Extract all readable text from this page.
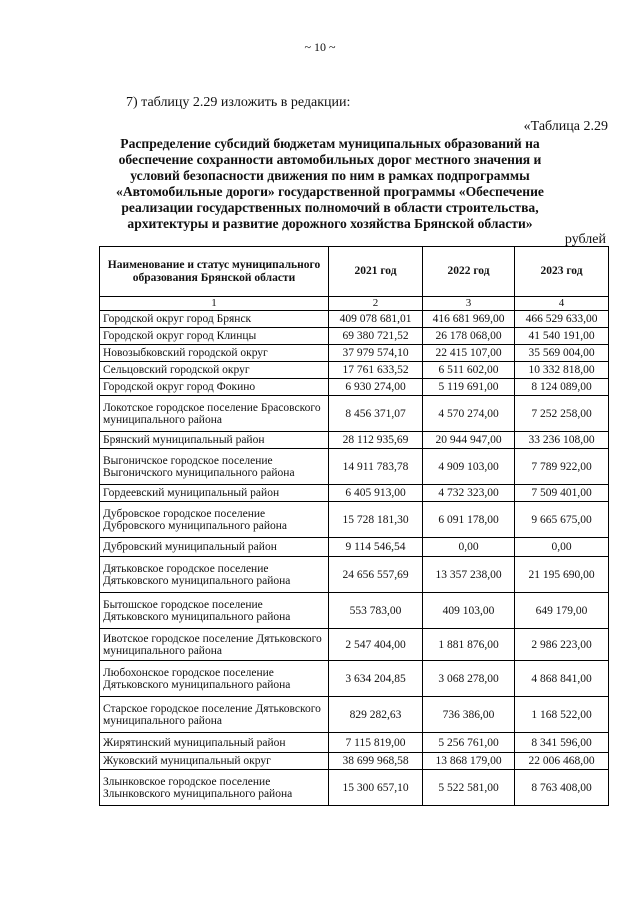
~ 10 ~
7) таблицу 2.29 изложить в редакции:
«Таблица 2.29
Распределение субсидий бюджетам муниципальных образований на обеспечение сохранности автомобильных дорог местного значения и условий безопасности движения по ним в рамках подпрограммы «Автомобильные дороги» государственной программы «Обеспечение реализации государственных полномочий в области строительства, архитектуры и развитие дорожного хозяйства Брянской области»
рублей
Наименование и статус муниципального образования Брянской области	2021 год	2022 год	2023 год
1	2	3	4
Городской округ город Брянск	409 078 681,01	416 681 969,00	466 529 633,00
Городской округ город Клинцы	69 380 721,52	26 178 068,00	41 540 191,00
Новозыбковский городской округ	37 979 574,10	22 415 107,00	35 569 004,00
Сельцовский городской округ	17 761 633,52	6 511 602,00	10 332 818,00
Городской округ город Фокино	6 930 274,00	5 119 691,00	8 124 089,00
Локотское городское поселение Брасовского муниципального района	8 456 371,07	4 570 274,00	7 252 258,00
Брянский муниципальный район	28 112 935,69	20 944 947,00	33 236 108,00
Выгоничское городское поселение Выгоничского муниципального района	14 911 783,78	4 909 103,00	7 789 922,00
Гордеевский муниципальный район	6 405 913,00	4 732 323,00	7 509 401,00
Дубровское городское поселение Дубровского муниципального района	15 728 181,30	6 091 178,00	9 665 675,00
Дубровский муниципальный район	9 114 546,54	0,00	0,00
Дятьковское городское поселение Дятьковского муниципального района	24 656 557,69	13 357 238,00	21 195 690,00
Бытошское городское поселение Дятьковского муниципального района	553 783,00	409 103,00	649 179,00
Ивотское городское поселение Дятьковского муниципального района	2 547 404,00	1 881 876,00	2 986 223,00
Любохонское городское поселение Дятьковского муниципального района	3 634 204,85	3 068 278,00	4 868 841,00
Старское городское поселение Дятьковского муниципального района	829 282,63	736 386,00	1 168 522,00
Жирятинский муниципальный район	7 115 819,00	5 256 761,00	8 341 596,00
Жуковский муниципальный округ	38 699 968,58	13 868 179,00	22 006 468,00
Злынковское городское поселение Злынковского муниципального района	15 300 657,10	5 522 581,00	8 763 408,00
